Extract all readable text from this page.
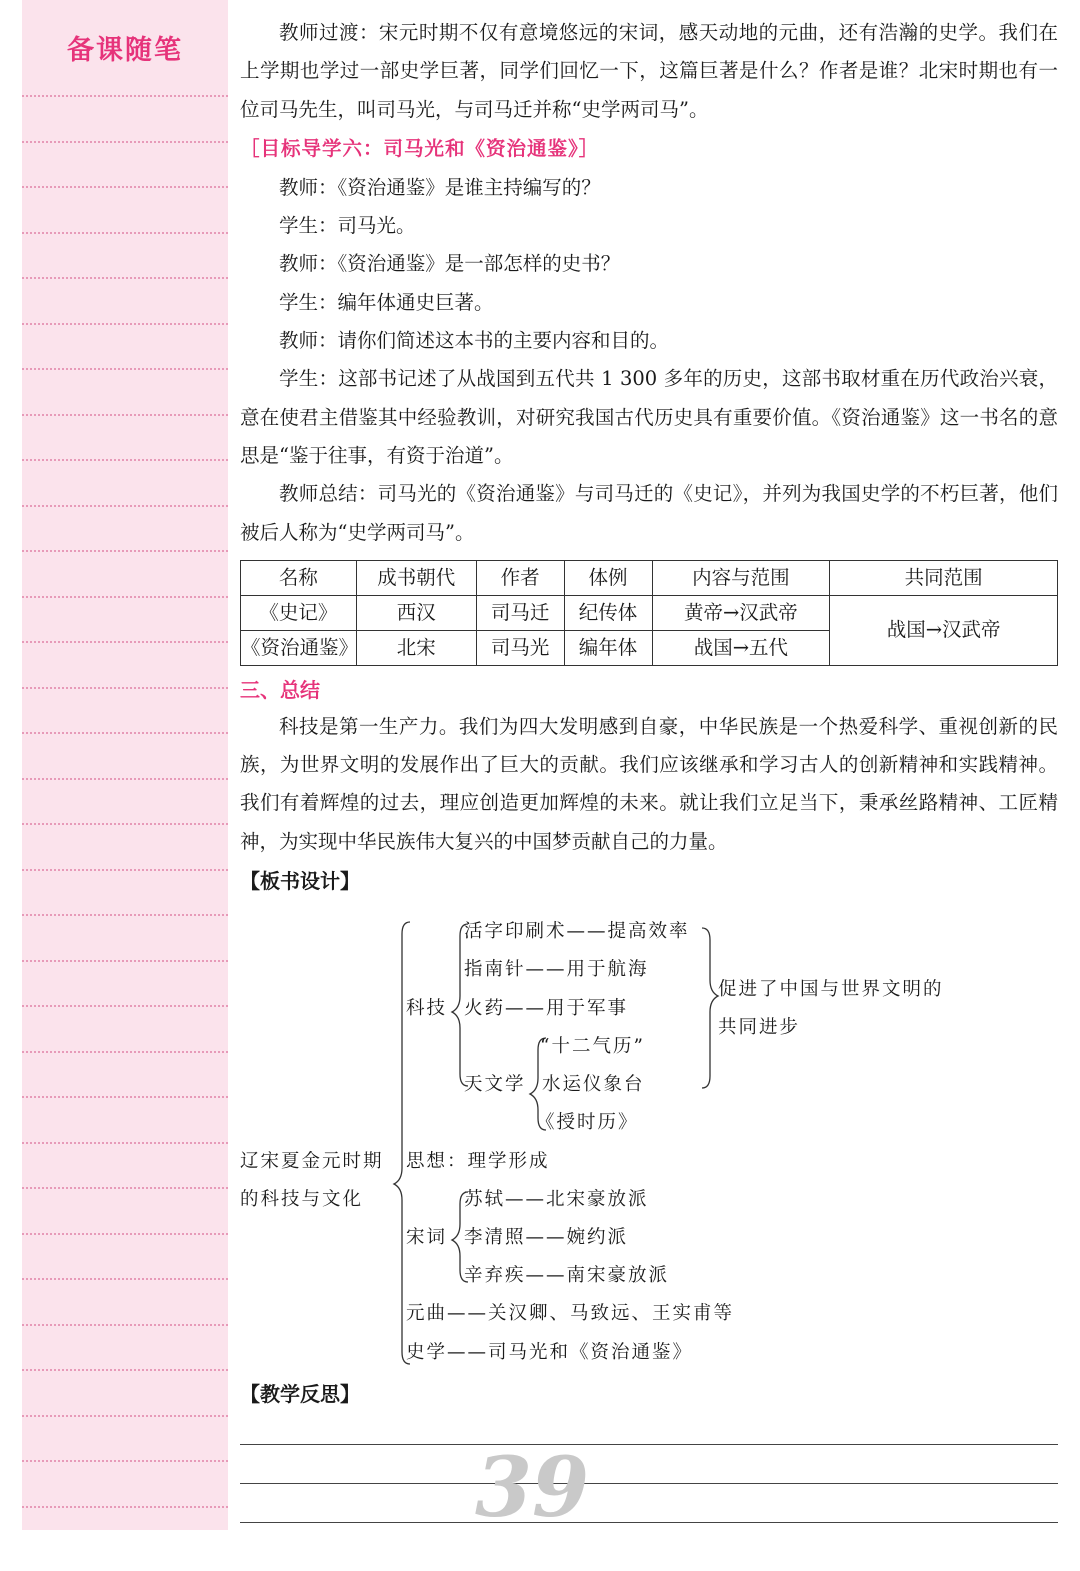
备课随笔

教师过渡：宋元时期不仅有意境悠远的宋词，感天动地的元曲，还有浩瀚的史学。我们在上学期也学过一部史学巨著，同学们回忆一下，这篇巨著是什么？作者是谁？北宋时期也有一位司马先生，叫司马光，与司马迁并称“史学两司马”。

［目标导学六：司马光和《资治通鉴》］

教师：《资治通鉴》是谁主持编写的？

学生：司马光。

教师：《资治通鉴》是一部怎样的史书？

学生：编年体通史巨著。

教师：请你们简述这本书的主要内容和目的。

学生：这部书记述了从战国到五代共 1 300 多年的历史，这部书取材重在历代政治兴衰，意在使君主借鉴其中经验教训，对研究我国古代历史具有重要价值。《资治通鉴》这一书名的意思是“鉴于往事，有资于治道”。

教师总结：司马光的《资治通鉴》与司马迁的《史记》，并列为我国史学的不朽巨著，他们被后人称为“史学两司马”。

名称	成书朝代	作者	体例	内容与范围	共同范围
《史记》	西汉	司马迁	纪传体	黄帝→汉武帝	战国→汉武帝
《资治通鉴》	北宋	司马光	编年体	战国→五代	

三、总结

科技是第一生产力。我们为四大发明感到自豪，中华民族是一个热爱科学、重视创新的民族，为世界文明的发展作出了巨大的贡献。我们应该继承和学习古人的创新精神和实践精神。我们有着辉煌的过去，理应创造更加辉煌的未来。就让我们立足当下，秉承丝路精神、工匠精神，为实现中华民族伟大复兴的中国梦贡献自己的力量。

【板书设计】

辽宋夏金元时期
的科技与文化
科技
活字印刷术——提高效率
指南针——用于航海
火药——用于军事
天文学
“十二气历”
水运仪象台
《授时历》
促进了中国与世界文明的
共同进步
思想：理学形成
宋词
苏轼——北宋豪放派
李清照——婉约派
辛弃疾——南宋豪放派
元曲——关汉卿、马致远、王实甫等
史学——司马光和《资治通鉴》
【教学反思】
39
